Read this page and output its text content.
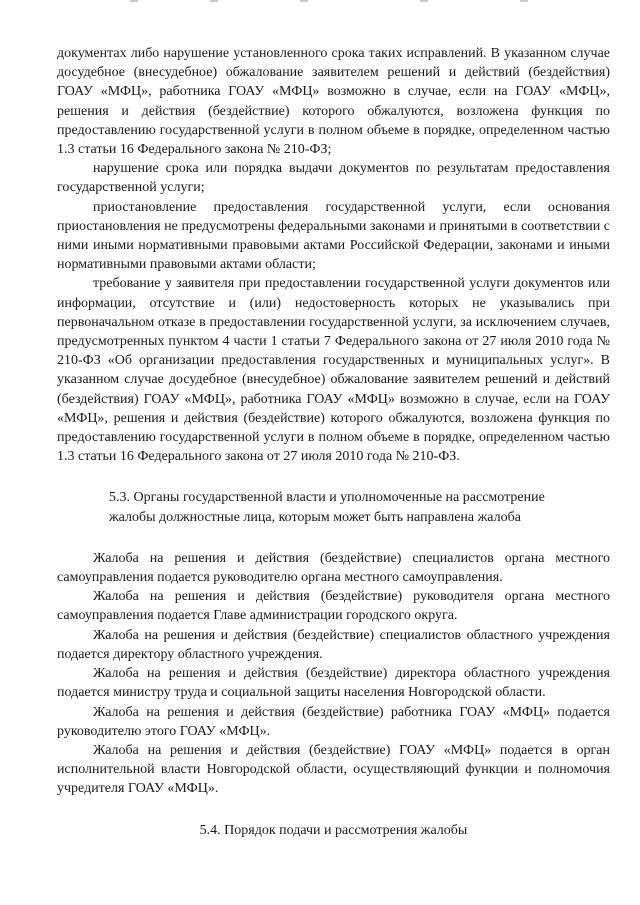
документах либо нарушение установленного срока таких исправлений. В указанном случае досудебное (внесудебное) обжалование заявителем решений и действий (бездействия) ГОАУ «МФЦ», работника ГОАУ «МФЦ» возможно в случае, если на ГОАУ «МФЦ», решения и действия (бездействие) которого обжалуются, возложена функция по предоставлению государственной услуги в полном объеме в порядке, определенном частью 1.3 статьи 16 Федерального закона № 210-ФЗ;

нарушение срока или порядка выдачи документов по результатам предоставления государственной услуги;

приостановление предоставления государственной услуги, если основания приостановления не предусмотрены федеральными законами и принятыми в соответствии с ними иными нормативными правовыми актами Российской Федерации, законами и иными нормативными правовыми актами области;

требование у заявителя при предоставлении государственной услуги документов или информации, отсутствие и (или) недостоверность которых не указывались при первоначальном отказе в предоставлении государственной услуги, за исключением случаев, предусмотренных пунктом 4 части 1 статьи 7 Федерального закона от 27 июля 2010 года № 210-ФЗ «Об организации предоставления государственных и муниципальных услуг». В указанном случае досудебное (внесудебное) обжалование заявителем решений и действий (бездействия) ГОАУ «МФЦ», работника ГОАУ «МФЦ» возможно в случае, если на ГОАУ «МФЦ», решения и действия (бездействие) которого обжалуются, возложена функция по предоставлению государственной услуги в полном объеме в порядке, определенном частью 1.3 статьи 16 Федерального закона от 27 июля 2010 года № 210-ФЗ.

5.3. Органы государственной власти и уполномоченные на рассмотрение
жалобы должностные лица, которым может быть направлена жалоба

Жалоба на решения и действия (бездействие) специалистов органа местного самоуправления подается руководителю органа местного самоуправления.

Жалоба на решения и действия (бездействие) руководителя органа местного самоуправления подается Главе администрации городского округа.

Жалоба на решения и действия (бездействие) специалистов областного учреждения подается директору областного учреждения.

Жалоба на решения и действия (бездействие) директора областного учреждения подается министру труда и социальной защиты населения Новгородской области.

Жалоба на решения и действия (бездействие) работника ГОАУ «МФЦ» подается руководителю этого ГОАУ «МФЦ».

Жалоба на решения и действия (бездействие) ГОАУ «МФЦ» подается в орган исполнительной власти Новгородской области, осуществляющий функции и полномочия учредителя ГОАУ «МФЦ».

5.4. Порядок подачи и рассмотрения жалобы
